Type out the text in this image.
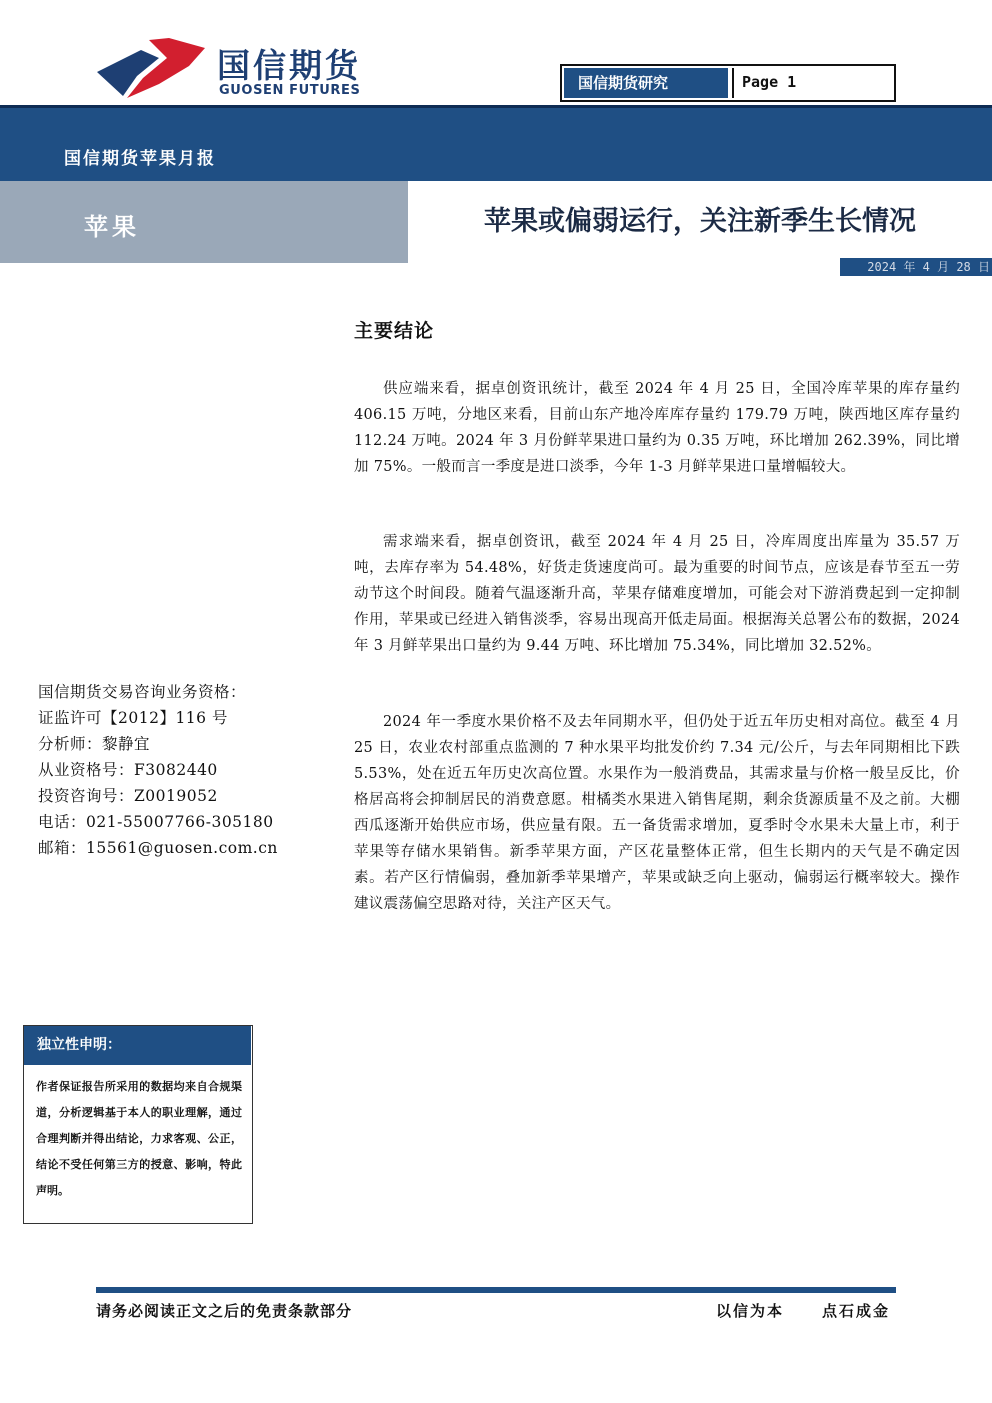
国信期货
GUOSEN FUTURES	国信期货研究	Page 1
国信期货苹果月报
苹果	苹果或偏弱运行，关注新季生长情况
2024 年 4 月 28 日
主要结论

供应端来看，据卓创资讯统计，截至 2024 年 4 月 25 日，全国冷库苹果的库存量约 406.15 万吨，分地区来看，目前山东产地冷库库存量约 179.79 万吨，陕西地区库存量约 112.24 万吨。2024 年 3 月份鲜苹果进口量约为 0.35 万吨，环比增加 262.39%，同比增加 75%。一般而言一季度是进口淡季，今年 1-3 月鲜苹果进口量增幅较大。

需求端来看，据卓创资讯，截至 2024 年 4 月 25 日，冷库周度出库量为 35.57 万吨，去库存率为 54.48%，好货走货速度尚可。最为重要的时间节点，应该是春节至五一劳动节这个时间段。随着气温逐渐升高，苹果存储难度增加，可能会对下游消费起到一定抑制作用，苹果或已经进入销售淡季，容易出现高开低走局面。根据海关总署公布的数据，2024 年 3 月鲜苹果出口量约为 9.44 万吨、环比增加 75.34%，同比增加 32.52%。

2024 年一季度水果价格不及去年同期水平，但仍处于近五年历史相对高位。截至 4 月 25 日，农业农村部重点监测的 7 种水果平均批发价约 7.34 元/公斤，与去年同期相比下跌 5.53%，处在近五年历史次高位置。水果作为一般消费品，其需求量与价格一般呈反比，价格居高将会抑制居民的消费意愿。柑橘类水果进入销售尾期，剩余货源质量不及之前。大棚西瓜逐渐开始供应市场，供应量有限。五一备货需求增加，夏季时令水果未大量上市，利于苹果等存储水果销售。新季苹果方面，产区花量整体正常，但生长期内的天气是不确定因素。若产区行情偏弱，叠加新季苹果增产，苹果或缺乏向上驱动，偏弱运行概率较大。操作建议震荡偏空思路对待，关注产区天气。

国信期货交易咨询业务资格：
证监许可【2012】116 号
分析师：黎静宜
从业资格号：F3082440
投资咨询号：Z0019052
电话：021-55007766-305180
邮箱：15561@guosen.com.cn
独立性申明：
作者保证报告所采用的数据均来自合规渠道，分析逻辑基于本人的职业理解，通过合理判断并得出结论，力求客观、公正，结论不受任何第三方的授意、影响，特此声明。
请务必阅读正文之后的免责条款部分	以信为本	点石成金
